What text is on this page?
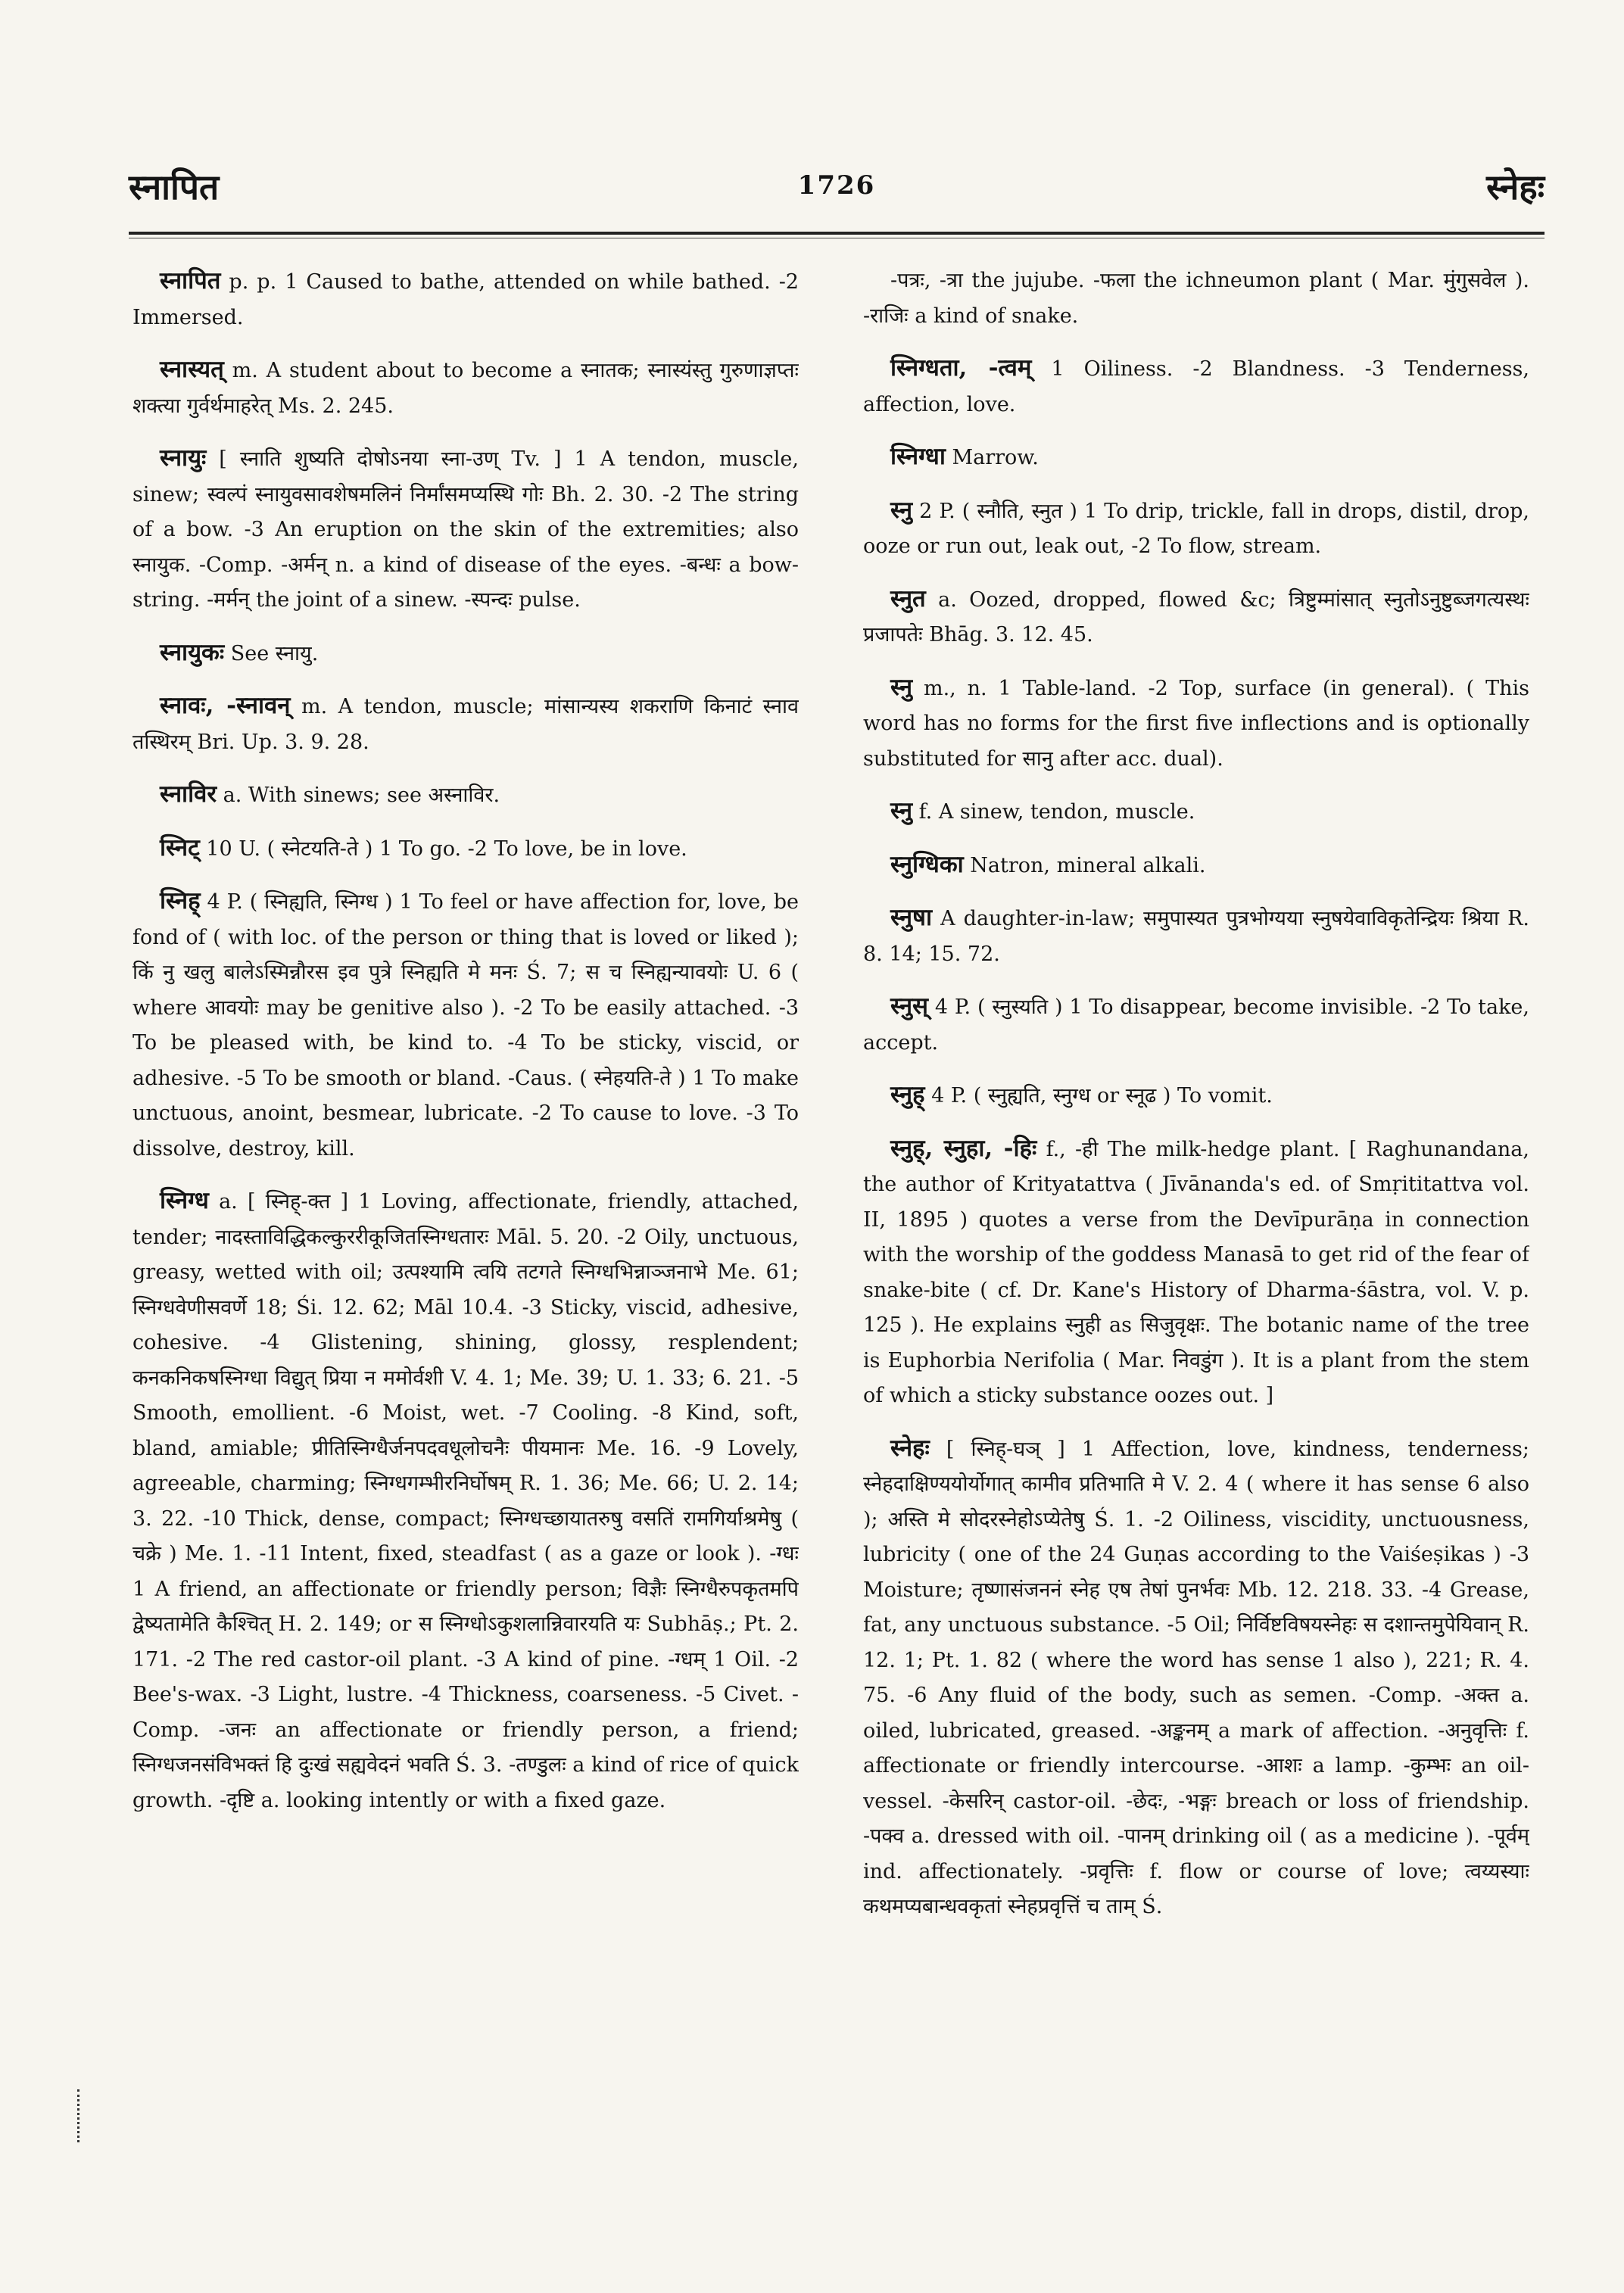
स्नापित	1726	स्नेहः

स्नापित p. p. 1 Caused to bathe, attended on while bathed. -2 Immersed.

स्नास्यत् m. A student about to become a स्नातक; स्नास्यंस्तु गुरुणाज्ञप्तः शक्त्या गुर्वर्थमाहरेत् Ms. 2. 245.

स्नायुः [ स्नाति शुष्यति दोषोऽनया स्ना-उण् Tv. ] 1 A tendon, muscle, sinew; स्वल्पं स्नायुवसावशेषमलिनं निर्मांसमप्यस्थि गोः Bh. 2. 30. -2 The string of a bow. -3 An eruption on the skin of the extremities; also स्नायुक. -Comp. -अर्मन् n. a kind of disease of the eyes. -बन्धः a bow-string. -मर्मन् the joint of a sinew. -स्पन्दः pulse.

स्नायुकः See स्नायु.

स्नावः, -स्नावन् m. A tendon, muscle; मांसान्यस्य शकराणि किनाटं स्नाव तस्थिरम् Bri. Up. 3. 9. 28.

स्नाविर a. With sinews; see अस्नाविर.

स्निट् 10 U. ( स्नेटयति-ते ) 1 To go. -2 To love, be in love.

स्निह् 4 P. ( स्निह्यति, स्निग्ध ) 1 To feel or have affection for, love, be fond of ( with loc. of the person or thing that is loved or liked ); किं नु खलु बालेऽस्मिन्नौरस इव पुत्रे स्निह्यति मे मनः Ś. 7; स च स्निह्यन्यावयोः U. 6 ( where आवयोः may be genitive also ). -2 To be easily attached. -3 To be pleased with, be kind to. -4 To be sticky, viscid, or adhesive. -5 To be smooth or bland. -Caus. ( स्नेहयति-ते ) 1 To make unctuous, anoint, besmear, lubricate. -2 To cause to love. -3 To dissolve, destroy, kill.

स्निग्ध a. [ स्निह्-क्त ] 1 Loving, affectionate, friendly, attached, tender; नादस्ताविद्धिकल्कुररीकूजितस्निग्धतारः Māl. 5. 20. -2 Oily, unctuous, greasy, wetted with oil; उत्पश्यामि त्वयि तटगते स्निग्धभिन्नाञ्जनाभे Me. 61; स्निग्धवेणीसवर्णे 18; Śi. 12. 62; Māl 10.4. -3 Sticky, viscid, adhesive, cohesive. -4 Glistening, shining, glossy, resplendent; कनकनिकषस्निग्धा विद्युत् प्रिया न ममोर्वशी V. 4. 1; Me. 39; U. 1. 33; 6. 21. -5 Smooth, emollient. -6 Moist, wet. -7 Cooling. -8 Kind, soft, bland, amiable; प्रीतिस्निग्धैर्जनपदवधूलोचनैः पीयमानः Me. 16. -9 Lovely, agreeable, charming; स्निग्धगम्भीरनिर्घोषम् R. 1. 36; Me. 66; U. 2. 14; 3. 22. -10 Thick, dense, compact; स्निग्धच्छायातरुषु वसतिं रामगिर्याश्रमेषु ( चक्रे ) Me. 1. -11 Intent, fixed, steadfast ( as a gaze or look ). -ग्धः 1 A friend, an affectionate or friendly person; विज्ञैः स्निग्धैरुपकृतमपि द्वेष्यतामेति कैश्चित् H. 2. 149; or स स्निग्धोऽकुशलान्निवारयति यः Subhāṣ.; Pt. 2. 171. -2 The red castor-oil plant. -3 A kind of pine. -ग्धम् 1 Oil. -2 Bee's-wax. -3 Light, lustre. -4 Thickness, coarseness. -5 Civet. -Comp. -जनः an affectionate or friendly person, a friend; स्निग्धजनसंविभक्तं हि दुःखं सह्यवेदनं भवति Ś. 3. -तण्डुलः a kind of rice of quick growth. -दृष्टि a. looking intently or with a fixed gaze.

-पत्रः, -त्रा the jujube. -फला the ichneumon plant ( Mar. मुंगुसवेल ). -राजिः a kind of snake.

स्निग्धता, -त्वम् 1 Oiliness. -2 Blandness. -3 Tenderness, affection, love.

स्निग्धा Marrow.

स्नु 2 P. ( स्नौति, स्नुत ) 1 To drip, trickle, fall in drops, distil, drop, ooze or run out, leak out, -2 To flow, stream.

स्नुत a. Oozed, dropped, flowed &c; त्रिष्टुम्मांसात् स्नुतोऽनुष्टुब्जगत्यस्थः प्रजापतेः Bhāg. 3. 12. 45.

स्नु m., n. 1 Table-land. -2 Top, surface (in general). ( This word has no forms for the first five inflections and is optionally substituted for सानु after acc. dual).

स्नु f. A sinew, tendon, muscle.

स्नुग्धिका Natron, mineral alkali.

स्नुषा A daughter-in-law; समुपास्यत पुत्रभोग्यया स्नुषयेवाविकृतेन्द्रियः श्रिया R. 8. 14; 15. 72.

स्नुस् 4 P. ( स्नुस्यति ) 1 To disappear, become invisible. -2 To take, accept.

स्नुह् 4 P. ( स्नुह्यति, स्नुग्ध or स्नूढ ) To vomit.

स्नुह्, स्नुहा, -हिः f., -ही The milk-hedge plant. [ Raghunandana, the author of Krityatattva ( Jīvānanda's ed. of Smṛititattva vol. II, 1895 ) quotes a verse from the Devīpurāṇa in connection with the worship of the goddess Manasā to get rid of the fear of snake-bite ( cf. Dr. Kane's History of Dharma-śāstra, vol. V. p. 125 ). He explains स्नुही as सिजुवृक्षः. The botanic name of the tree is Euphorbia Nerifolia ( Mar. निवडुंग ). It is a plant from the stem of which a sticky substance oozes out. ]

स्नेहः [ स्निह्-घञ् ] 1 Affection, love, kindness, tenderness; स्नेहदाक्षिण्ययोर्योगात् कामीव प्रतिभाति मे V. 2. 4 ( where it has sense 6 also ); अस्ति मे सोदरस्नेहोऽप्येतेषु Ś. 1. -2 Oiliness, viscidity, unctuousness, lubricity ( one of the 24 Guṇas according to the Vaiśeṣikas ) -3 Moisture; तृष्णासंजननं स्नेह एष तेषां पुनर्भवः Mb. 12. 218. 33. -4 Grease, fat, any unctuous substance. -5 Oil; निर्विष्टविषयस्नेहः स दशान्तमुपेयिवान् R. 12. 1; Pt. 1. 82 ( where the word has sense 1 also ), 221; R. 4. 75. -6 Any fluid of the body, such as semen. -Comp. -अक्त a. oiled, lubricated, greased. -अङ्कनम् a mark of affection. -अनुवृत्तिः f. affectionate or friendly intercourse. -आशः a lamp. -कुम्भः an oil-vessel. -केसरिन् castor-oil. -छेदः, -भङ्गः breach or loss of friendship. -पक्व a. dressed with oil. -पानम् drinking oil ( as a medicine ). -पूर्वम् ind. affectionately. -प्रवृत्तिः f. flow or course of love; त्वय्यस्याः कथमप्यबान्धवकृतां स्नेहप्रवृत्तिं च ताम् Ś.
